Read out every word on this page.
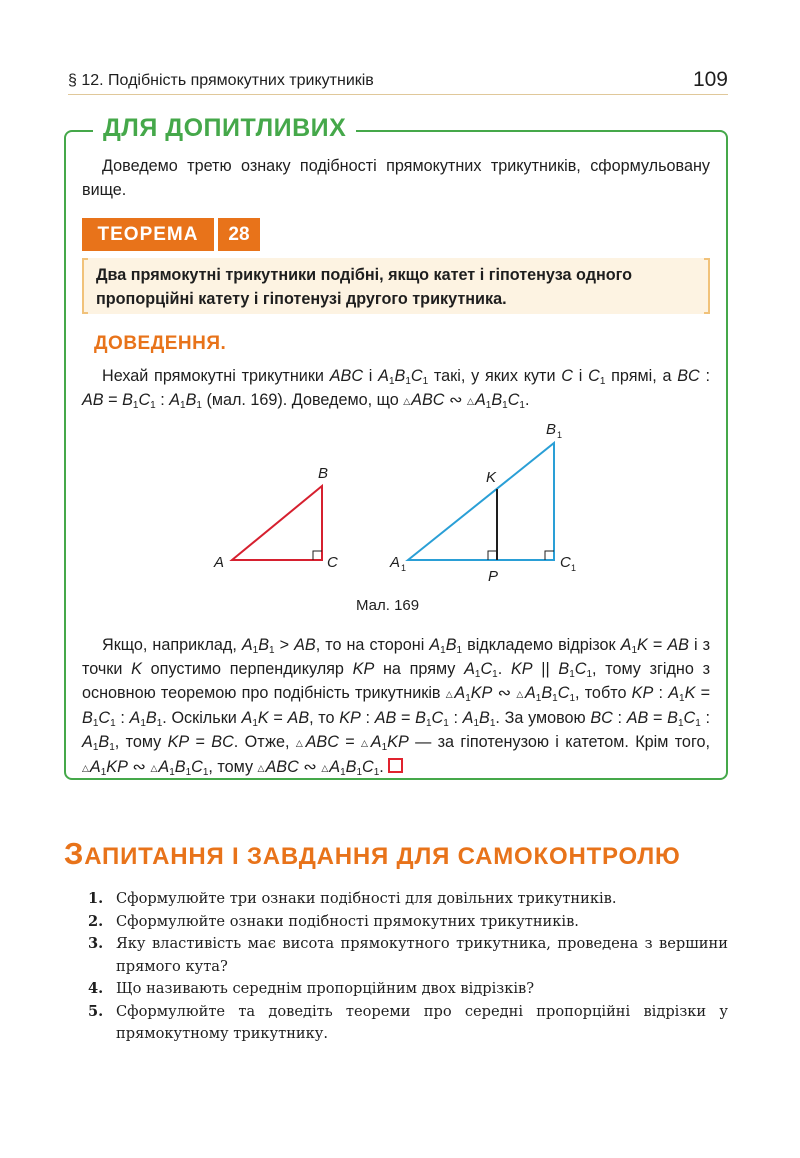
§ 12. Подібність прямокутних трикутників	109
ДЛЯ ДОПИТЛИВИХ

Доведемо третю ознаку подібності прямокутних трикутників, сформульовану вище.

ТЕОРЕМА	28
Два прямокутні трикутники подібні, якщо катет і гіпотенуза одного пропорційні катету і гіпотенузі другого трикутника.
ДОВЕДЕННЯ.

Нехай прямокутні трикутники ABC і $A_1B_1C_1$ такі, у яких кути C і $C_1$ прямі, а BC : AB = $B_1C_1$ : $A_1B_1$ (мал. 169). Доведемо, що △ABC ∾ $\triangle A_1B_1C_1$.

A
B
C	A 1
B 1
C 1
K
P
Мал. 169

Якщо, наприклад, $A_1B_1$ > AB, то на стороні $A_1B_1$ відкладемо відрізок $A_1K$ = AB і з точки K опустимо перпендикуляр KP на пряму $A_1C_1$. KP || $B_1C_1$, тому згідно з основною теоремою про подібність трикутників $\triangle A_1KP$ ∾ $\triangle A_1B_1C_1$, тобто KP : $A_1K = B_1C_1$ : $A_1B_1$. Оскільки $A_1K$ = AB, то KP : AB = $B_1C_1$ : $A_1B_1$. За умовою BC : AB = $B_1C_1$ : $A_1B_1$, тому KP = BC. Отже, △ABC = $\triangle A_1KP$ — за гіпотенузою і катетом. Крім того, $\triangle A_1KP$ ∾ $\triangle A_1B_1C_1$, тому △ABC ∾ $\triangle A_1B_1C_1$.

ЗАПИТАННЯ І ЗАВДАННЯ ДЛЯ САМОКОНТРОЛЮ
1. Сформулюйте три ознаки подібності для довільних трикутників.
2. Сформулюйте ознаки подібності прямокутних трикутників.
3. Яку властивість має висота прямокутного трикутника, проведена з вершини прямого кута?
4. Що називають середнім пропорційним двох відрізків?
5. Сформулюйте та доведіть теореми про середні пропорційні відрізки у прямокутному трикутнику.
